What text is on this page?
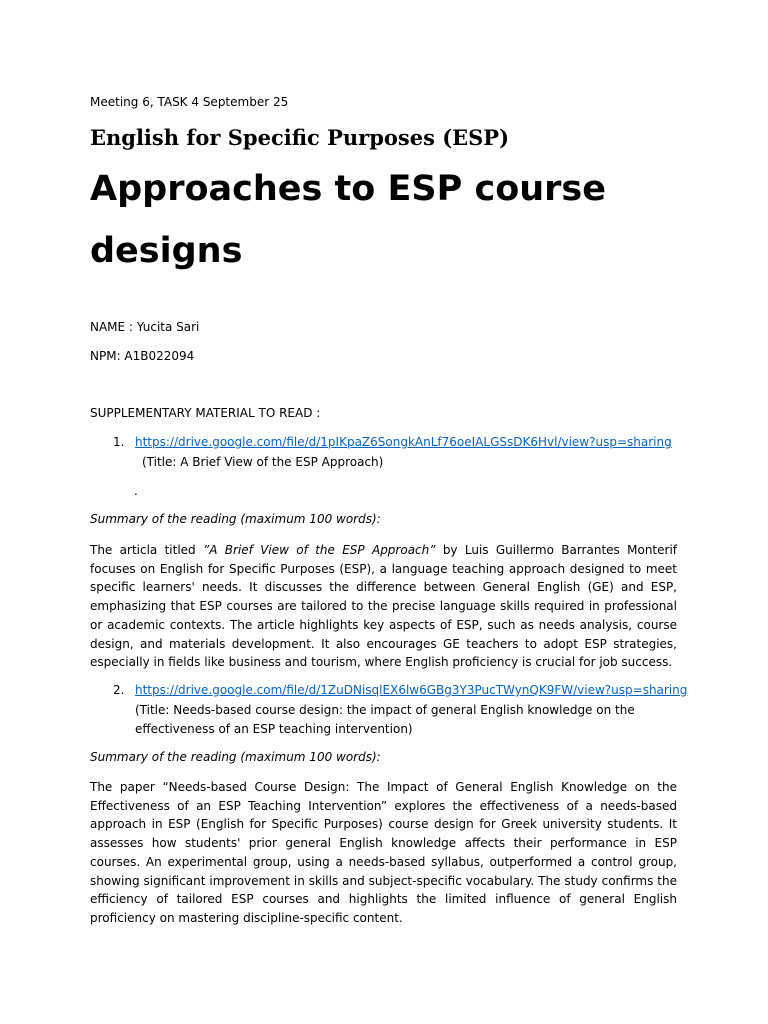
Meeting 6, TASK 4 September 25

English for Specific Purposes (ESP)
Approaches to ESP course designs

NAME : Yucita Sari

NPM: A1B022094

SUPPLEMENTARY MATERIAL TO READ :

1. https://drive.google.com/file/d/1pIKpaZ6SongkAnLf76oeIALGSsDK6Hvl/view?usp=sharing

(Title: A Brief View of the ESP Approach)

.

Summary of the reading (maximum 100 words):

The articla titled ”A Brief View of the ESP Approach” by Luis Guillermo Barrantes Monterif focuses on English for Specific Purposes (ESP), a language teaching approach designed to meet specific learners' needs. It discusses the difference between General English (GE) and ESP, emphasizing that ESP courses are tailored to the precise language skills required in professional or academic contexts. The article highlights key aspects of ESP, such as needs analysis, course design, and materials development. It also encourages GE teachers to adopt ESP strategies, especially in fields like business and tourism, where English proficiency is crucial for job success.

2. https://drive.google.com/file/d/1ZuDNisqlEX6lw6GBg3Y3PucTWynQK9FW/view?usp=sharing

(Title: Needs-based course design: the impact of general English knowledge on the effectiveness of an ESP teaching intervention)

Summary of the reading (maximum 100 words):

The paper “Needs-based Course Design: The Impact of General English Knowledge on the Effectiveness of an ESP Teaching Intervention” explores the effectiveness of a needs-based approach in ESP (English for Specific Purposes) course design for Greek university students. It assesses how students' prior general English knowledge affects their performance in ESP courses. An experimental group, using a needs-based syllabus, outperformed a control group, showing significant improvement in skills and subject-specific vocabulary. The study confirms the efficiency of tailored ESP courses and highlights the limited influence of general English proficiency on mastering discipline-specific content.
